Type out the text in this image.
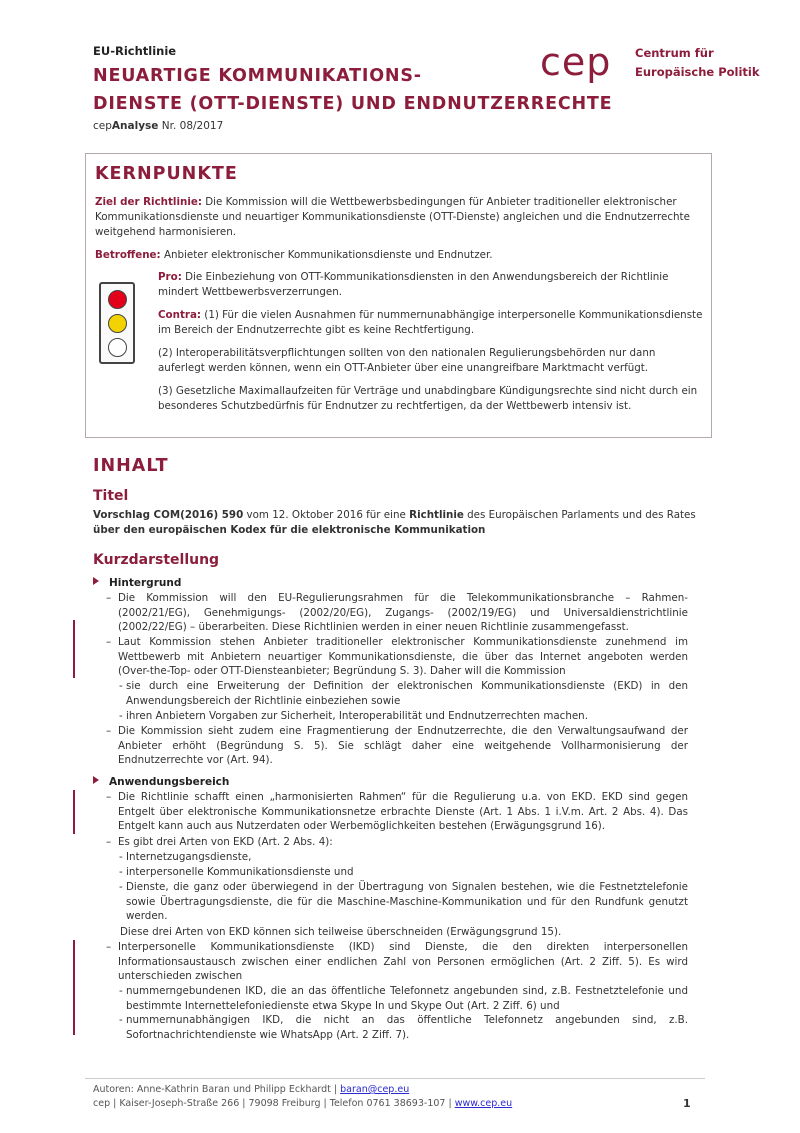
EU-Richtlinie
NEUARTIGE KOMMUNIKATIONS-
DIENSTE (OTT-DIENSTE) UND ENDNUTZERRECHTE
cepAnalyse Nr. 08/2017
cep Centrum für
Europäische Politik
KERNPUNKTE
Ziel der Richtlinie: Die Kommission will die Wettbewerbsbedingungen für Anbieter traditioneller elektronischer Kommunikationsdienste und neuartiger Kommunikationsdienste (OTT-Dienste) angleichen und die Endnutzerrechte weitgehend harmonisieren.
Betroffene: Anbieter elektronischer Kommunikationsdienste und Endnutzer.
Pro: Die Einbeziehung von OTT-Kommunikationsdiensten in den Anwendungsbereich der Richtlinie mindert Wettbewerbsverzerrungen.
Contra: (1) Für die vielen Ausnahmen für nummernunabhängige interpersonelle Kommunikationsdienste im Bereich der Endnutzerrechte gibt es keine Rechtfertigung.
(2) Interoperabilitätsverpflichtungen sollten von den nationalen Regulierungsbehörden nur dann auferlegt werden können, wenn ein OTT-Anbieter über eine unangreifbare Marktmacht verfügt.
(3) Gesetzliche Maximallaufzeiten für Verträge und unabdingbare Kündigungsrechte sind nicht durch ein besonderes Schutzbedürfnis für Endnutzer zu rechtfertigen, da der Wettbewerb intensiv ist.
INHALT
Titel
Vorschlag COM(2016) 590 vom 12. Oktober 2016 für eine Richtlinie des Europäischen Parlaments und des Rates über den europäischen Kodex für die elektronische Kommunikation
Kurzdarstellung
Hintergrund
– Die Kommission will den EU-Regulierungsrahmen für die Telekommunikationsbranche – Rahmen- (2002/21/EG), Genehmigungs- (2002/20/EG), Zugangs- (2002/19/EG) und Universaldienstrichtlinie (2002/22/EG) – überarbeiten. Diese Richtlinien werden in einer neuen Richtlinie zusammengefasst.
– Laut Kommission stehen Anbieter traditioneller elektronischer Kommunikationsdienste zunehmend im Wettbewerb mit Anbietern neuartiger Kommunikationsdienste, die über das Internet angeboten werden (Over-the-Top- oder OTT-Diensteanbieter; Begründung S. 3). Daher will die Kommission
- sie durch eine Erweiterung der Definition der elektronischen Kommunikationsdienste (EKD) in den Anwendungsbereich der Richtlinie einbeziehen sowie
- ihren Anbietern Vorgaben zur Sicherheit, Interoperabilität und Endnutzerrechten machen.
– Die Kommission sieht zudem eine Fragmentierung der Endnutzerrechte, die den Verwaltungsaufwand der Anbieter erhöht (Begründung S. 5). Sie schlägt daher eine weitgehende Vollharmonisierung der Endnutzerrechte vor (Art. 94).
Anwendungsbereich
– Die Richtlinie schafft einen „harmonisierten Rahmen“ für die Regulierung u.a. von EKD. EKD sind gegen Entgelt über elektronische Kommunikationsnetze erbrachte Dienste (Art. 1 Abs. 1 i.V.m. Art. 2 Abs. 4). Das Entgelt kann auch aus Nutzerdaten oder Werbemöglichkeiten bestehen (Erwägungsgrund 16).
– Es gibt drei Arten von EKD (Art. 2 Abs. 4):
- Internetzugangsdienste,
- interpersonelle Kommunikationsdienste und
- Dienste, die ganz oder überwiegend in der Übertragung von Signalen bestehen, wie die Festnetztelefonie sowie Übertragungsdienste, die für die Maschine-Maschine-Kommunikation und für den Rundfunk genutzt werden.
Diese drei Arten von EKD können sich teilweise überschneiden (Erwägungsgrund 15).
– Interpersonelle Kommunikationsdienste (IKD) sind Dienste, die den direkten interpersonellen Informationsaustausch zwischen einer endlichen Zahl von Personen ermöglichen (Art. 2 Ziff. 5). Es wird unterschieden zwischen
- nummerngebundenen IKD, die an das öffentliche Telefonnetz angebunden sind, z.B. Festnetztelefonie und bestimmte Internettelefoniedienste etwa Skype In und Skype Out (Art. 2 Ziff. 6) und
- nummernunabhängigen IKD, die nicht an das öffentliche Telefonnetz angebunden sind, z.B. Sofortnachrichtendienste wie WhatsApp (Art. 2 Ziff. 7).
Autoren: Anne-Kathrin Baran und Philipp Eckhardt | baran@cep.eu
cep | Kaiser-Joseph-Straße 266 | 79098 Freiburg | Telefon 0761 38693-107 | www.cep.eu	1
